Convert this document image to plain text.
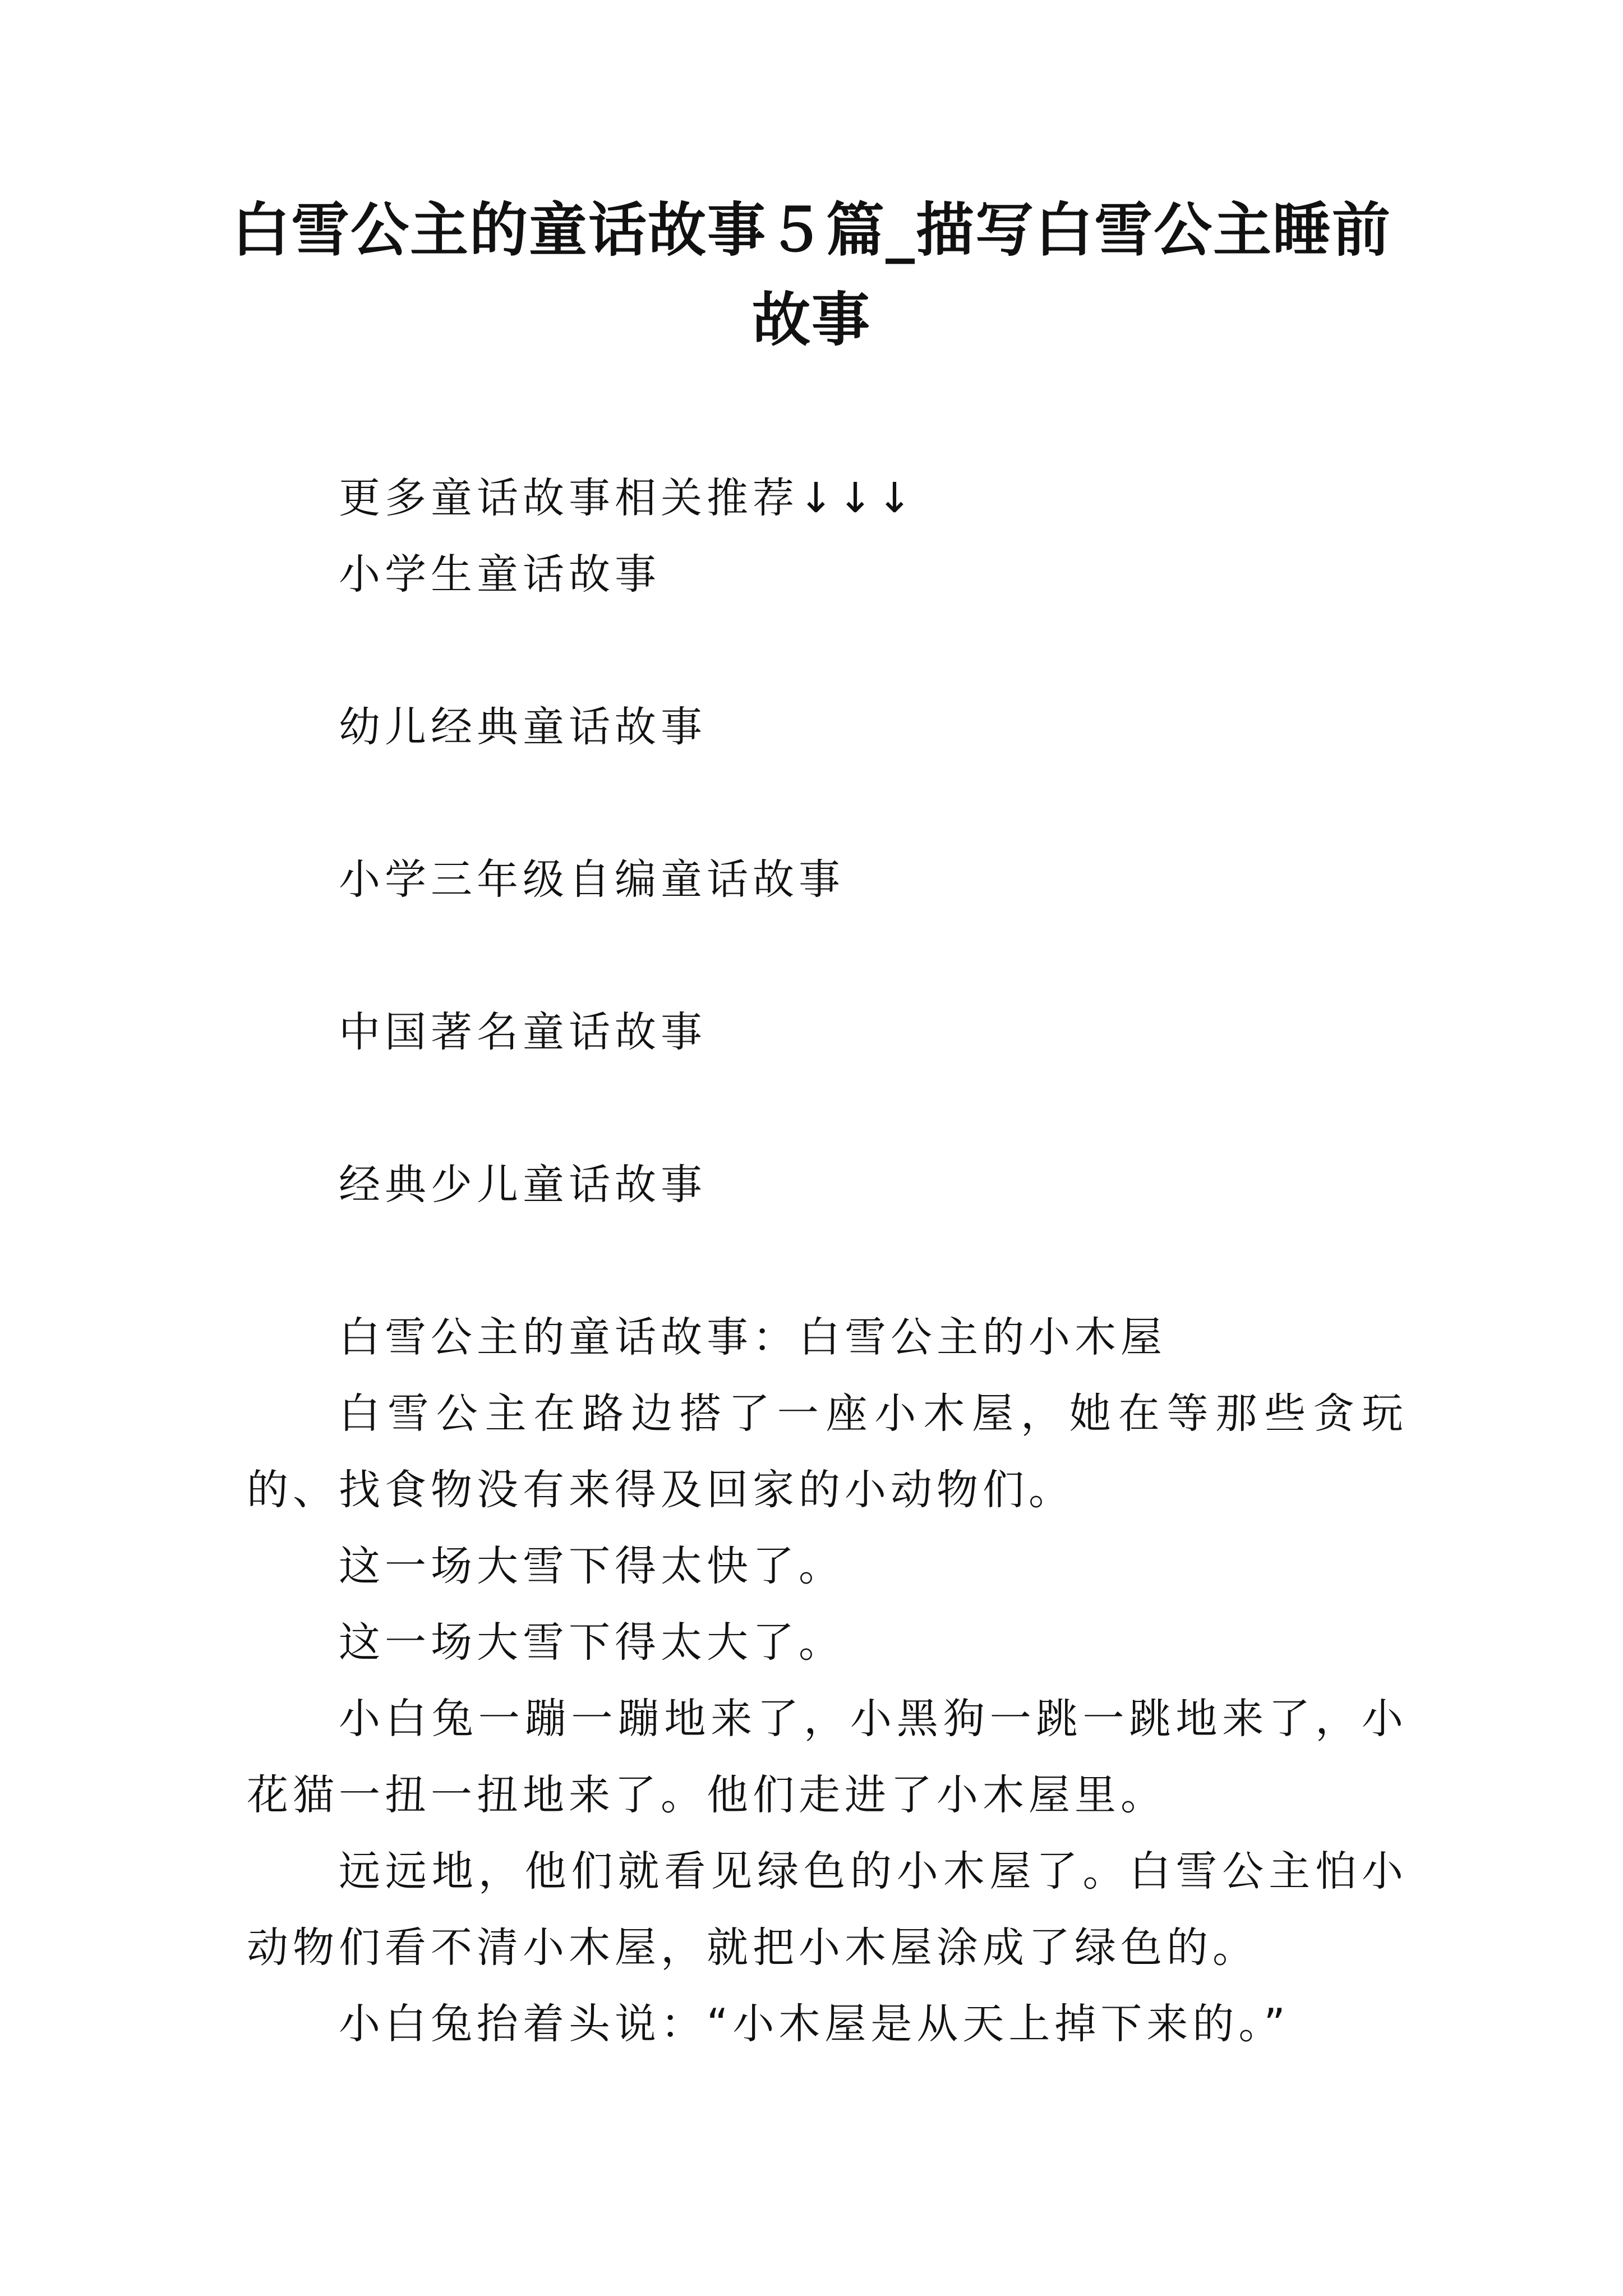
白雪公主的童话故事５篇_描写白雪公主睡前故事

更多童话故事相关推荐↓↓↓

小学生童话故事

幼儿经典童话故事

小学三年级自编童话故事

中国著名童话故事

经典少儿童话故事

白雪公主的童话故事：白雪公主的小木屋

白雪公主在路边搭了一座小木屋，她在等那些贪玩的、找食物没有来得及回家的小动物们。

这一场大雪下得太快了。

这一场大雪下得太大了。

小白兔一蹦一蹦地来了，小黑狗一跳一跳地来了，小花猫一扭一扭地来了。他们走进了小木屋里。

远远地，他们就看见绿色的小木屋了。白雪公主怕小动物们看不清小木屋，就把小木屋涂成了绿色的。

小白兔抬着头说：“小木屋是从天上掉下来的。”
